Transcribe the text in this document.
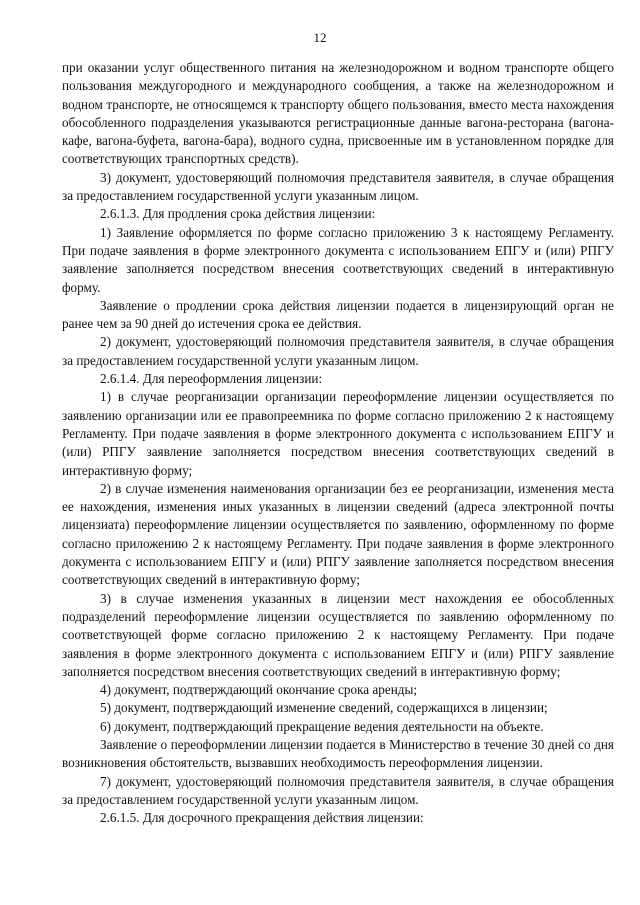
12

при оказании услуг общественного питания на железнодорожном и водном транспорте общего пользования междугородного и международного сообщения, а также на железнодорожном и водном транспорте, не относящемся к транспорту общего пользования, вместо места нахождения обособленного подразделения указываются регистрационные данные вагона-ресторана (вагона-кафе, вагона-буфета, вагона-бара), водного судна, присвоенные им в установленном порядке для соответствующих транспортных средств).

3) документ, удостоверяющий полномочия представителя заявителя, в случае обращения за предоставлением государственной услуги указанным лицом.

2.6.1.3. Для продления срока действия лицензии:

1) Заявление оформляется по форме согласно приложению 3 к настоящему Регламенту. При подаче заявления в форме электронного документа с использованием ЕПГУ и (или) РПГУ заявление заполняется посредством внесения соответствующих сведений в интерактивную форму.

Заявление о продлении срока действия лицензии подается в лицензирующий орган не ранее чем за 90 дней до истечения срока ее действия.

2) документ, удостоверяющий полномочия представителя заявителя, в случае обращения за предоставлением государственной услуги указанным лицом.

2.6.1.4. Для переоформления лицензии:

1) в случае реорганизации организации переоформление лицензии осуществляется по заявлению организации или ее правопреемника по форме согласно приложению 2 к настоящему Регламенту. При подаче заявления в форме электронного документа с использованием ЕПГУ и (или) РПГУ заявление заполняется посредством внесения соответствующих сведений в интерактивную форму;

2) в случае изменения наименования организации без ее реорганизации, изменения места ее нахождения, изменения иных указанных в лицензии сведений (адреса электронной почты лицензиата) переоформление лицензии осуществляется по заявлению, оформленному по форме согласно приложению 2 к настоящему Регламенту. При подаче заявления в форме электронного документа с использованием ЕПГУ и (или) РПГУ заявление заполняется посредством внесения соответствующих сведений в интерактивную форму;

3) в случае изменения указанных в лицензии мест нахождения ее обособленных подразделений переоформление лицензии осуществляется по заявлению оформленному по соответствующей форме согласно приложению 2 к настоящему Регламенту. При подаче заявления в форме электронного документа с использованием ЕПГУ и (или) РПГУ заявление заполняется посредством внесения соответствующих сведений в интерактивную форму;

4) документ, подтверждающий окончание срока аренды;

5) документ, подтверждающий изменение сведений, содержащихся в лицензии;

6) документ, подтверждающий прекращение ведения деятельности на объекте.

Заявление о переоформлении лицензии подается в Министерство в течение 30 дней со дня возникновения обстоятельств, вызвавших необходимость переоформления лицензии.

7) документ, удостоверяющий полномочия представителя заявителя, в случае обращения за предоставлением государственной услуги указанным лицом.

2.6.1.5. Для досрочного прекращения действия лицензии:
